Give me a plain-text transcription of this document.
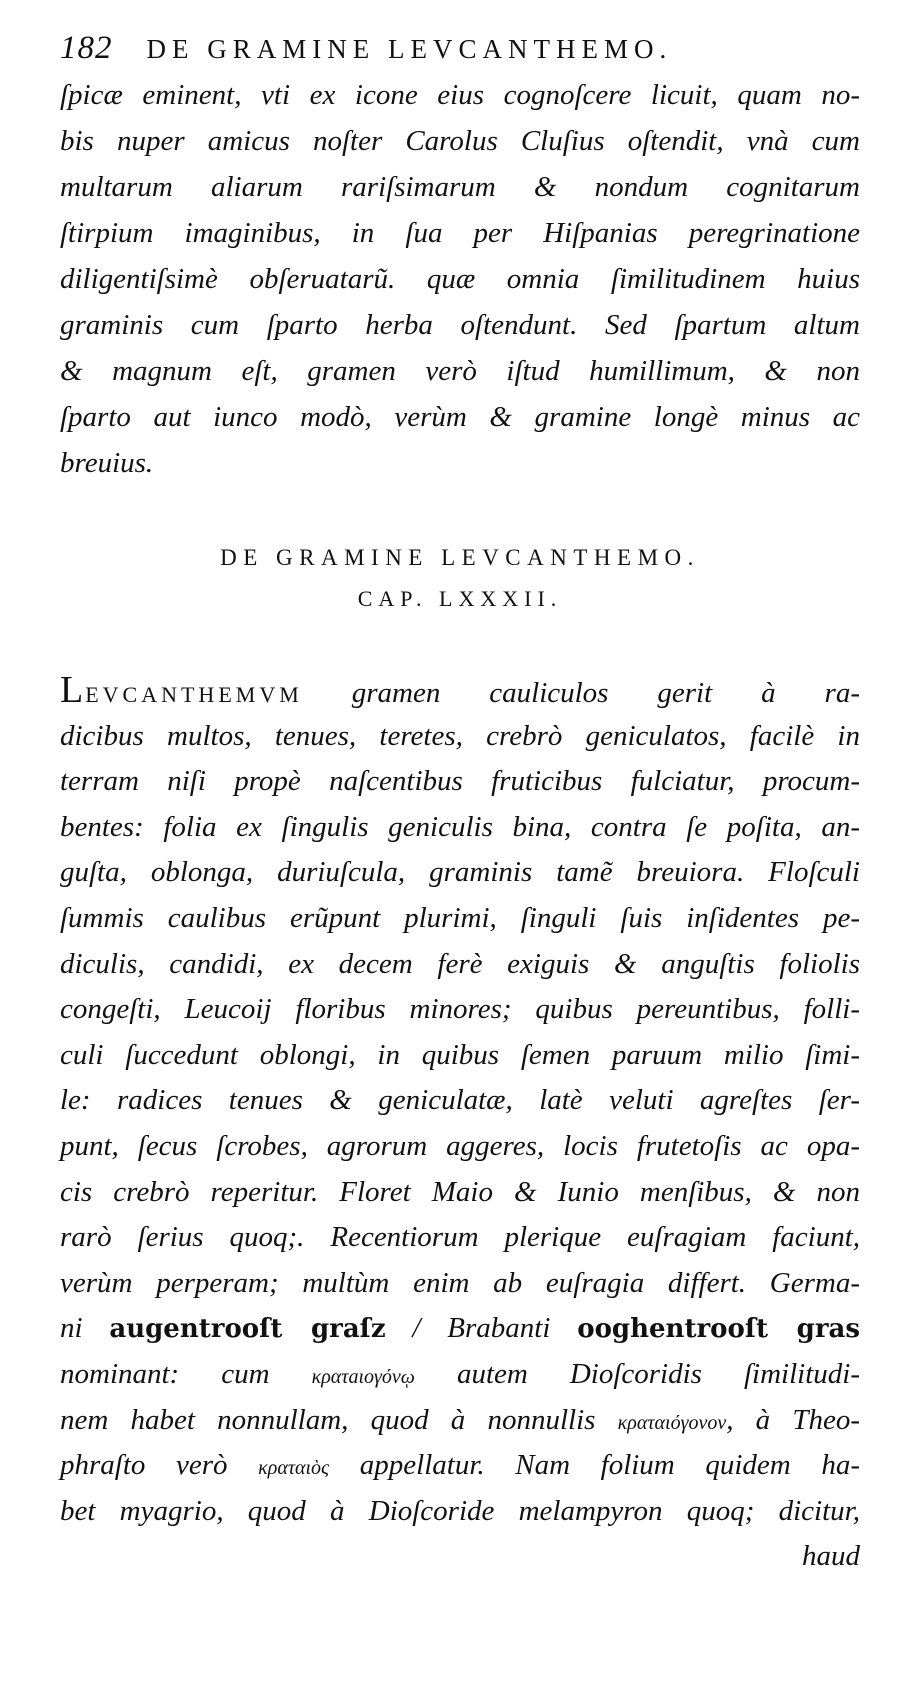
182 DE GRAMINE LEVCANTHEMO.
ſpicæ eminent, vti ex icone eius cognoſcere licuit, quam no-
bis nuper amicus noſter Carolus Cluſius oſtendit, vnà cum
multarum aliarum rariſsimarum & nondum cognitarum
ſtirpium imaginibus, in ſua per Hiſpanias peregrinatione
diligentiſsimè obſeruatarũ. quæ omnia ſimilitudinem huius
graminis cum ſparto herba oſtendunt. Sed ſpartum altum
& magnum eſt, gramen verò iſtud humillimum, & non
ſparto aut iunco modò, verùm & gramine longè minus ac
breuius.
DE GRAMINE LEVCANTHEMO.
CAP. LXXXII.
LEVCANTHEMVM gramen cauliculos gerit à ra-
dicibus multos, tenues, teretes, crebrò geniculatos, facilè in
terram niſi propè naſcentibus fruticibus fulciatur, procum-
bentes: folia ex ſingulis geniculis bina, contra ſe poſita, an-
guſta, oblonga, duriuſcula, graminis tamẽ breuiora. Floſculi
ſummis caulibus erũpunt plurimi, ſinguli ſuis inſidentes pe-
diculis, candidi, ex decem ferè exiguis & anguſtis foliolis
congeſti, Leucoij floribus minores; quibus pereuntibus, folli-
culi ſuccedunt oblongi, in quibus ſemen paruum milio ſimi-
le: radices tenues & geniculatæ, latè veluti agreſtes ſer-
punt, ſecus ſcrobes, agrorum aggeres, locis frutetoſis ac opa-
cis crebrò reperitur. Floret Maio & Iunio menſibus, & non
rarò ſerius quoq;. Recentiorum plerique euſragiam faciunt,
verùm perperam; multùm enim ab euſragia differt. Germa-
ni augentrooſt graſz / Brabanti ooghentrooſt gras
nominant: cum κρατaιογόνῳ autem Dioſcoridis ſimilitudi-
nem habet nonnullam, quod à nonnullis κραταιόγονον, à Theo-
phraſto verò κραταιὸς appellatur. Nam folium quidem ha-
bet myagrio, quod à Dioſcoride melampyron quoq; dicitur,
haud
